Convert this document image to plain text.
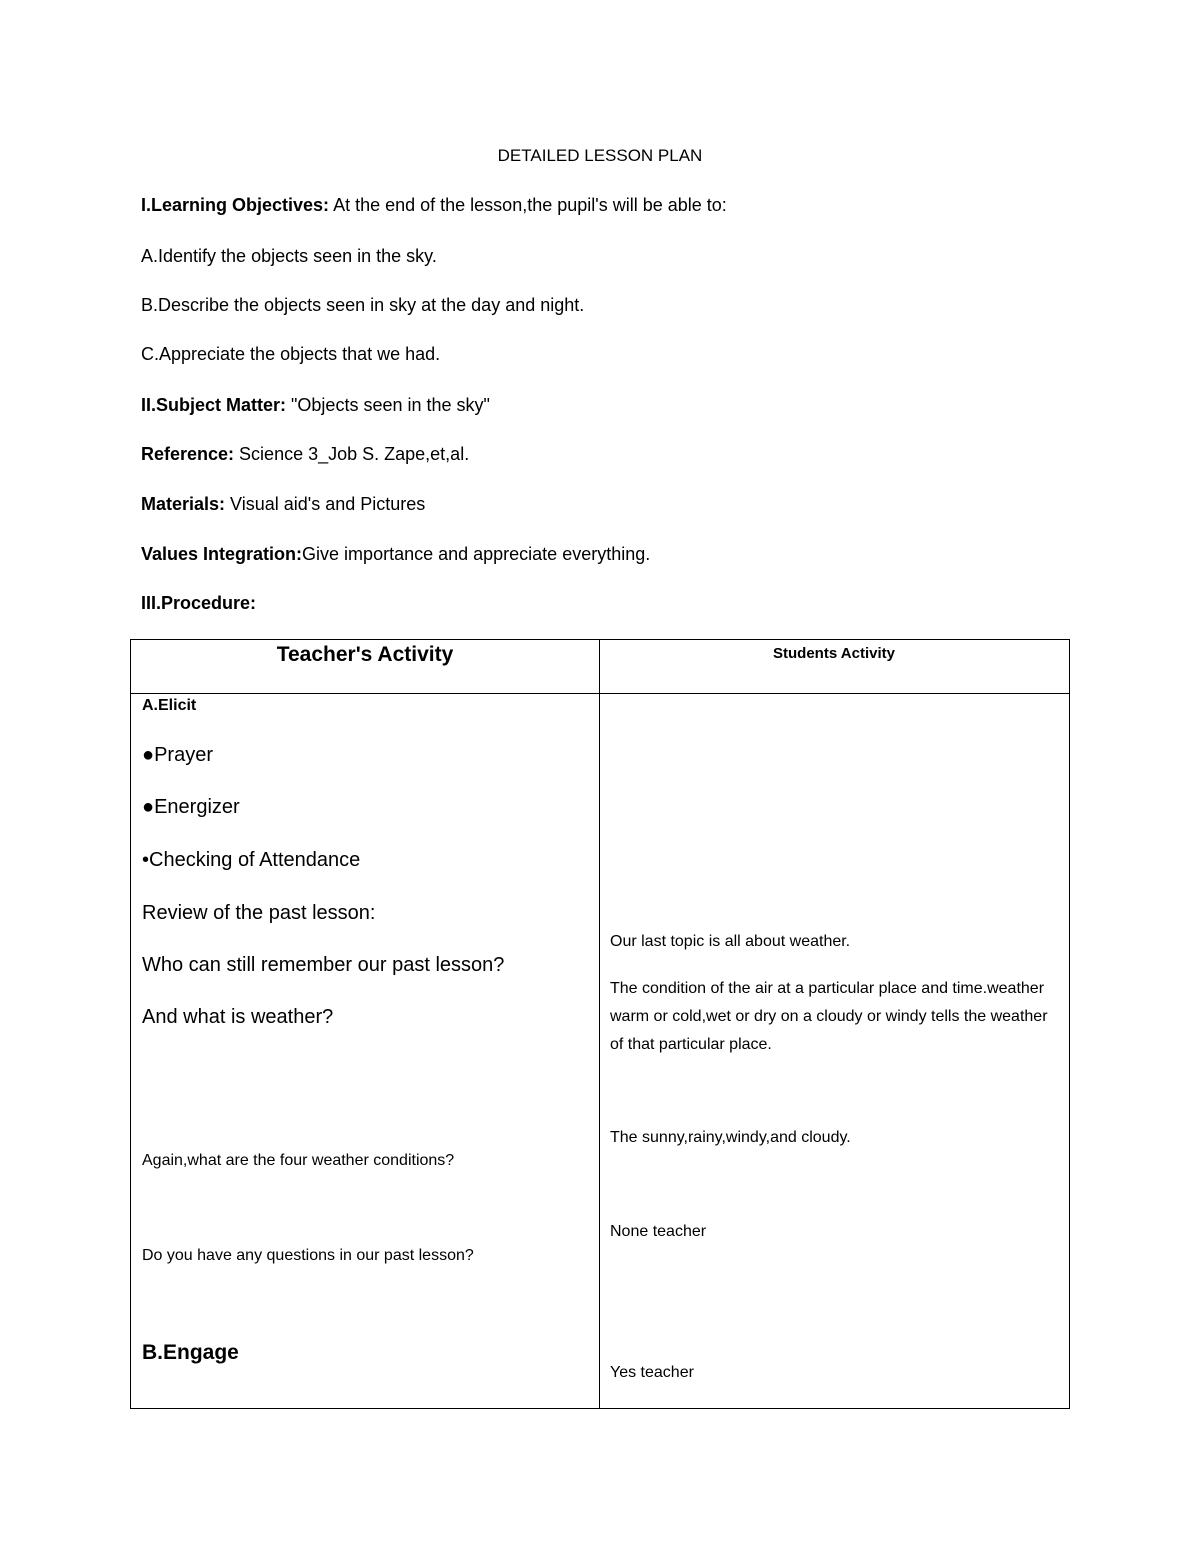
DETAILED LESSON PLAN
I.Learning Objectives: At the end of the lesson,the pupil's will be able to:
A.Identify the objects seen in the sky.
B.Describe the objects seen in sky at the day and night.
C.Appreciate the objects that we had.
II.Subject Matter: "Objects seen in the sky"
Reference: Science 3_Job S. Zape,et,al.
Materials: Visual aid's and Pictures
Values Integration:Give importance and appreciate everything.
III.Procedure:
Teacher's Activity	Students Activity
A.Elicit
●Prayer
●Energizer
•Checking of Attendance
Review of the past lesson:
Who can still remember our past lesson?
And what is weather?
Again,what are the four weather conditions?
Do you have any questions in our past lesson?
B.Engage
Our last topic is all about weather.
The condition of the air at a particular place and time.weather warm or cold,wet or dry on a cloudy or windy tells the weather of that particular place.
The sunny,rainy,windy,and cloudy.
None teacher
Yes teacher
